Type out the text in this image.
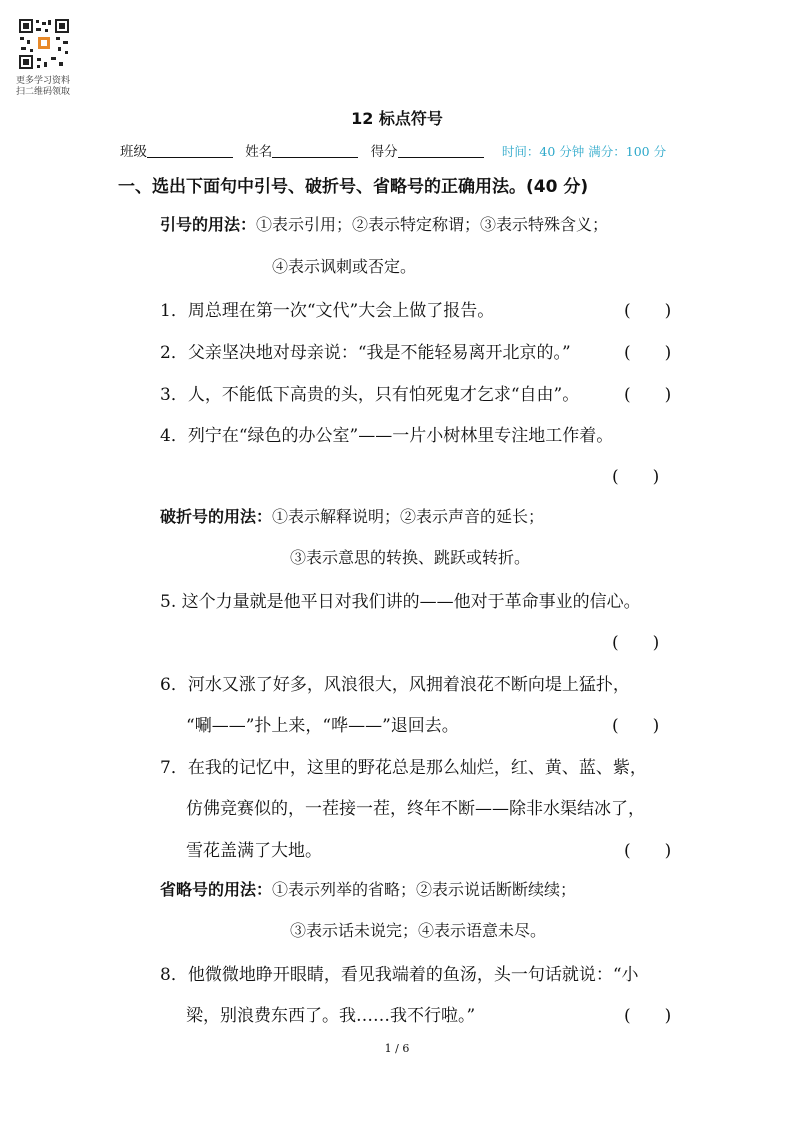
更多学习资料
扫二维码领取
12 标点符号
班级	姓名	得分	时间：40 分钟 满分：100 分
一、选出下面句中引号、破折号、省略号的正确用法。(40 分)
引号的用法：①表示引用；②表示特定称谓；③表示特殊含义；
④表示讽刺或否定。
1．周总理在第一次“文代”大会上做了报告。	(　　)
2．父亲坚决地对母亲说：“我是不能轻易离开北京的。”	(　　)
3．人，不能低下高贵的头，只有怕死鬼才乞求“自由”。	(　　)
4．列宁在“绿色的办公室”——一片小树林里专注地工作着。
(　　)
破折号的用法：①表示解释说明；②表示声音的延长；
③表示意思的转换、跳跃或转折。
5. 这个力量就是他平日对我们讲的——他对于革命事业的信心。
(　　)
6．河水又涨了好多，风浪很大，风拥着浪花不断向堤上猛扑，
“唰——”扑上来，“哗——”退回去。	(　　)
7．在我的记忆中，这里的野花总是那么灿烂，红、黄、蓝、紫，
仿佛竞赛似的，一茬接一茬，终年不断——除非水渠结冰了，
雪花盖满了大地。	(　　)
省略号的用法：①表示列举的省略；②表示说话断断续续；
③表示话未说完；④表示语意未尽。
8．他微微地睁开眼睛，看见我端着的鱼汤，头一句话就说：“小
梁，别浪费东西了。我……我不行啦。”	(　　)
1 / 6
